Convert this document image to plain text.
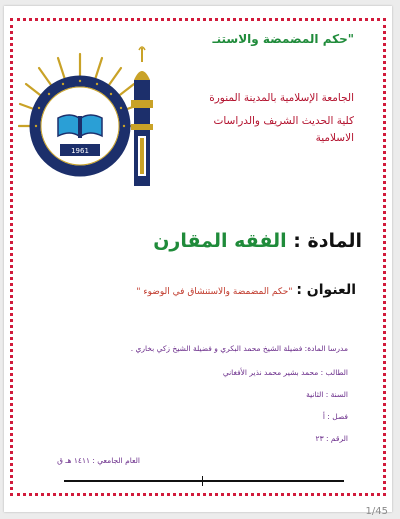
"حكم المضمضة والاستنـ
1961
الجامعة الإسلامية بالمدينة المنورة
كلية الحديث الشريف والدراسات
الاسلامية
المادة : الفقه المقارن
العنوان : "حكم المضمضة والاستنشاق في الوضوء "
مدرسا المادة: فضيلة الشيخ محمد البكري و فضيلة الشيخ زكي بخاري .
الطالب : محمد بشير محمد نذير الأفغاني
السنة : الثانية
فصل : أ
الرقم : ٢٣
العام الجامعي : ١٤١١ هـ ق
1/45
